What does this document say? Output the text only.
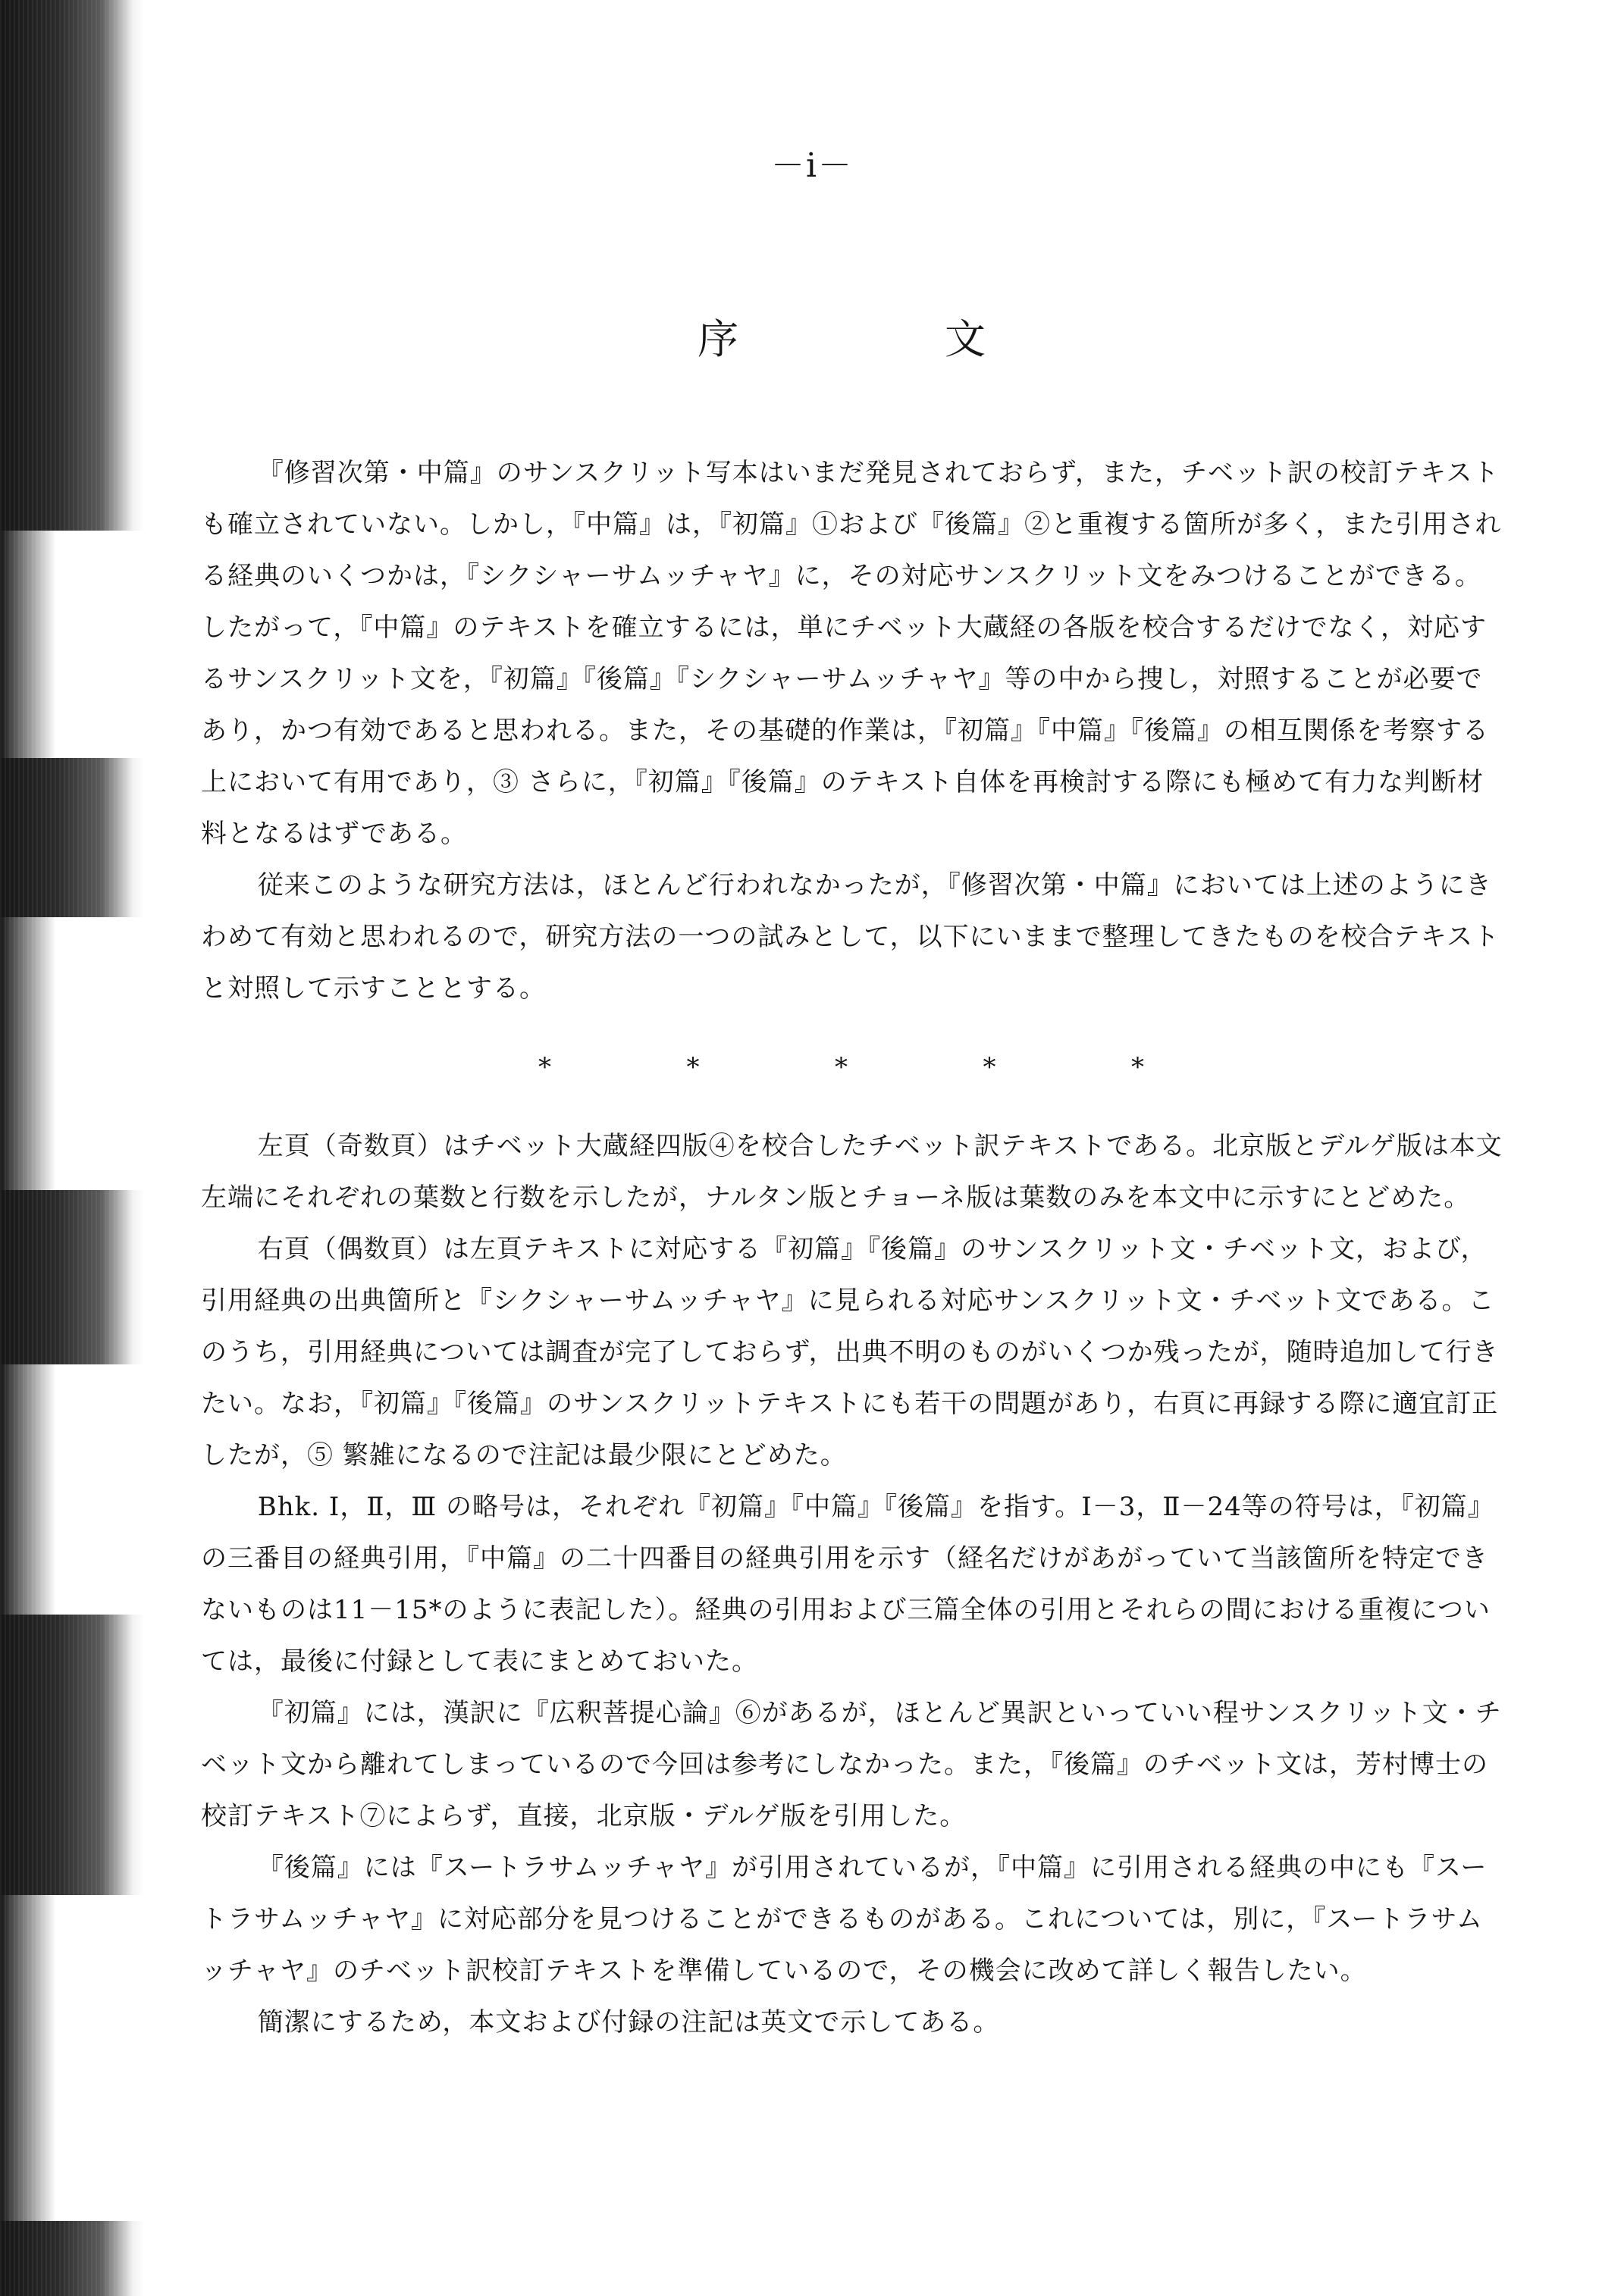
－i－
序	文

『修習次第・中篇』のサンスクリット写本はいまだ発見されておらず，また，チベット訳の校訂テキストも確立されていない。しかし，『中篇』は，『初篇』①および『後篇』②と重複する箇所が多く，また引用される経典のいくつかは，『シクシャーサムッチャヤ』に，その対応サンスクリット文をみつけることができる。したがって，『中篇』のテキストを確立するには，単にチベット大蔵経の各版を校合するだけでなく，対応するサンスクリット文を，『初篇』『後篇』『シクシャーサムッチャヤ』等の中から捜し，対照することが必要であり，かつ有効であると思われる。また，その基礎的作業は，『初篇』『中篇』『後篇』の相互関係を考察する上において有用であり，③ さらに，『初篇』『後篇』のテキスト自体を再検討する際にも極めて有力な判断材料となるはずである。

従来このような研究方法は，ほとんど行われなかったが，『修習次第・中篇』においては上述のようにきわめて有効と思われるので，研究方法の一つの試みとして，以下にいままで整理してきたものを校合テキストと対照して示すこととする。

*	*	*	*	*

左頁（奇数頁）はチベット大蔵経四版④を校合したチベット訳テキストである。北京版とデルゲ版は本文左端にそれぞれの葉数と行数を示したが，ナルタン版とチョーネ版は葉数のみを本文中に示すにとどめた。

右頁（偶数頁）は左頁テキストに対応する『初篇』『後篇』のサンスクリット文・チベット文，および，引用経典の出典箇所と『シクシャーサムッチャヤ』に見られる対応サンスクリット文・チベット文である。このうち，引用経典については調査が完了しておらず，出典不明のものがいくつか残ったが，随時追加して行きたい。なお，『初篇』『後篇』のサンスクリットテキストにも若干の問題があり，右頁に再録する際に適宜訂正したが，⑤ 繁雑になるので注記は最少限にとどめた。

Bhk. Ⅰ，Ⅱ，Ⅲ の略号は，それぞれ『初篇』『中篇』『後篇』を指す。Ⅰ－3，Ⅱ－24等の符号は，『初篇』の三番目の経典引用，『中篇』の二十四番目の経典引用を示す（経名だけがあがっていて当該箇所を特定できないものは11－15*のように表記した）。経典の引用および三篇全体の引用とそれらの間における重複については，最後に付録として表にまとめておいた。

『初篇』には，漢訳に『広釈菩提心論』⑥があるが，ほとんど異訳といっていい程サンスクリット文・チベット文から離れてしまっているので今回は参考にしなかった。また，『後篇』のチベット文は，芳村博士の校訂テキスト⑦によらず，直接，北京版・デルゲ版を引用した。

『後篇』には『スートラサムッチャヤ』が引用されているが，『中篇』に引用される経典の中にも『スートラサムッチャヤ』に対応部分を見つけることができるものがある。これについては，別に，『スートラサムッチャヤ』のチベット訳校訂テキストを準備しているので，その機会に改めて詳しく報告したい。

簡潔にするため，本文および付録の注記は英文で示してある。
